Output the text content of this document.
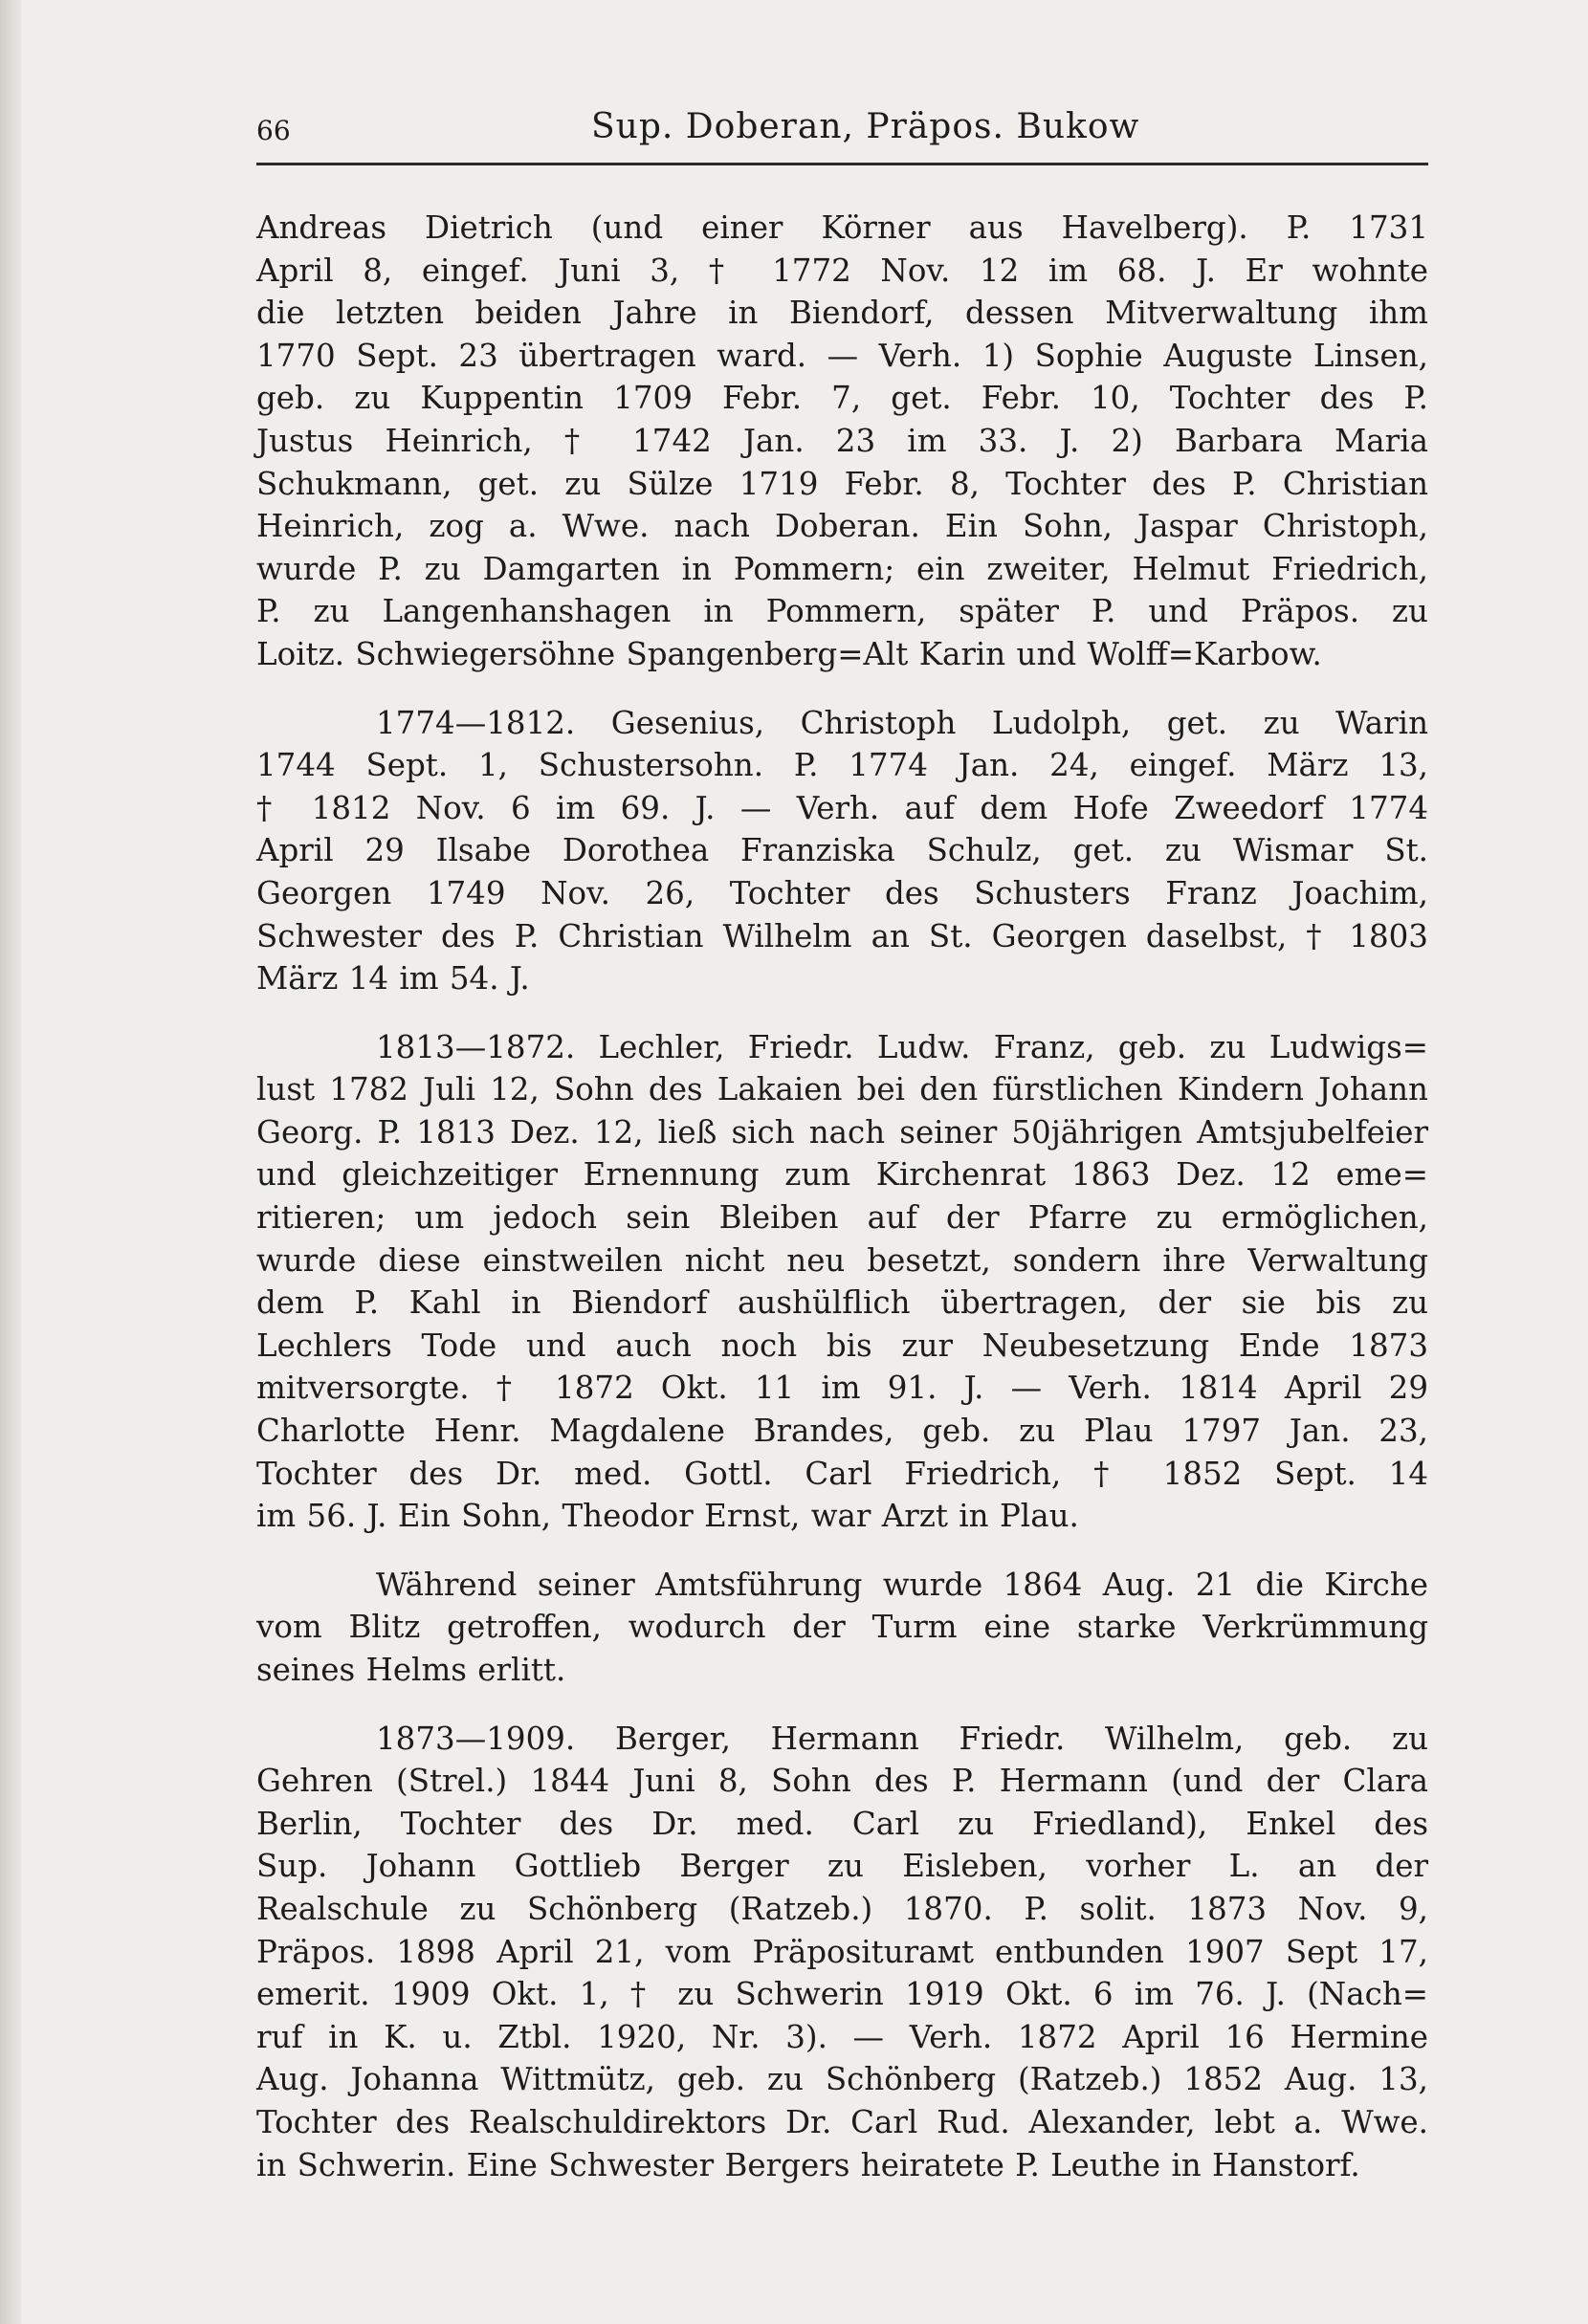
66	Sup. Doberan, Präpos. Bukow
Andreas Dietrich (und einer Körner aus Havelberg). P. 1731
April 8, eingef. Juni 3, † 1772 Nov. 12 im 68. J. Er wohnte
die letzten beiden Jahre in Biendorf, dessen Mitverwaltung ihm
1770 Sept. 23 übertragen ward. — Verh. 1) Sophie Auguste Linsen,
geb. zu Kuppentin 1709 Febr. 7, get. Febr. 10, Tochter des P.
Justus Heinrich, † 1742 Jan. 23 im 33. J. 2) Barbara Maria
Schukmann, get. zu Sülze 1719 Febr. 8, Tochter des P. Christian
Heinrich, zog a. Wwe. nach Doberan. Ein Sohn, Jaspar Christoph,
wurde P. zu Damgarten in Pommern; ein zweiter, Helmut Friedrich,
P. zu Langenhanshagen in Pommern, später P. und Präpos. zu
Loitz. Schwiegersöhne Spangenberg=Alt Karin und Wolff=Karbow.
1774—1812. Gesenius, Christoph Ludolph, get. zu Warin
1744 Sept. 1, Schustersohn. P. 1774 Jan. 24, eingef. März 13,
† 1812 Nov. 6 im 69. J. — Verh. auf dem Hofe Zweedorf 1774
April 29 Ilsabe Dorothea Franziska Schulz, get. zu Wismar St.
Georgen 1749 Nov. 26, Tochter des Schusters Franz Joachim,
Schwester des P. Christian Wilhelm an St. Georgen daselbst, † 1803
März 14 im 54. J.
1813—1872. Lechler, Friedr. Ludw. Franz, geb. zu Ludwigs=
lust 1782 Juli 12, Sohn des Lakaien bei den fürstlichen Kindern Johann
Georg. P. 1813 Dez. 12, ließ sich nach seiner 50jährigen Amtsjubelfeier
und gleichzeitiger Ernennung zum Kirchenrat 1863 Dez. 12 eme=
ritieren; um jedoch sein Bleiben auf der Pfarre zu ermöglichen,
wurde diese einstweilen nicht neu besetzt, sondern ihre Verwaltung
dem P. Kahl in Biendorf aushülflich übertragen, der sie bis zu
Lechlers Tode und auch noch bis zur Neubesetzung Ende 1873
mitversorgte. † 1872 Okt. 11 im 91. J. — Verh. 1814 April 29
Charlotte Henr. Magdalene Brandes, geb. zu Plau 1797 Jan. 23,
Tochter des Dr. med. Gottl. Carl Friedrich, † 1852 Sept. 14
im 56. J. Ein Sohn, Theodor Ernst, war Arzt in Plau.
Während seiner Amtsführung wurde 1864 Aug. 21 die Kirche
vom Blitz getroffen, wodurch der Turm eine starke Verkrümmung
seines Helms erlitt.
1873—1909. Berger, Hermann Friedr. Wilhelm, geb. zu
Gehren (Strel.) 1844 Juni 8, Sohn des P. Hermann (und der Clara
Berlin, Tochter des Dr. med. Carl zu Friedland), Enkel des
Sup. Johann Gottlieb Berger zu Eisleben, vorher L. an der
Realschule zu Schönberg (Ratzeb.) 1870. P. solit. 1873 Nov. 9,
Präpos. 1898 April 21, vom Präpositurамt entbunden 1907 Sept 17,
emerit. 1909 Okt. 1, † zu Schwerin 1919 Okt. 6 im 76. J. (Nach=
ruf in K. u. Ztbl. 1920, Nr. 3). — Verh. 1872 April 16 Hermine
Aug. Johanna Wittmütz, geb. zu Schönberg (Ratzeb.) 1852 Aug. 13,
Tochter des Realschuldirektors Dr. Carl Rud. Alexander, lebt a. Wwe.
in Schwerin. Eine Schwester Bergers heiratete P. Leuthe in Hanstorf.
